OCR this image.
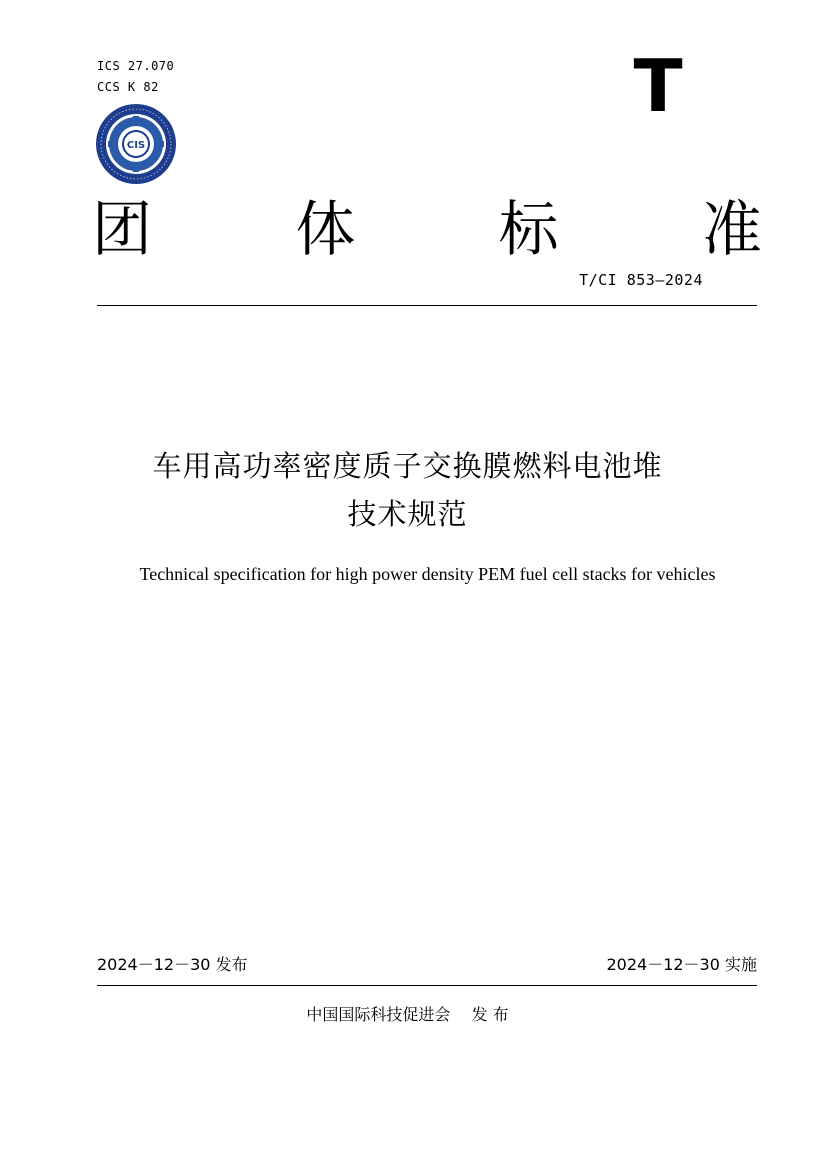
ICS 27.070
CCS K 82	T
CIS
团 体 标 准
T/CI 853—2024
车用高功率密度质子交换膜燃料电池堆
技术规范
Technical specification for high power density PEM fuel cell stacks for vehicles
2024－12－30 发布	2024－12－30 实施
中国国际科技促进会　 发 布
